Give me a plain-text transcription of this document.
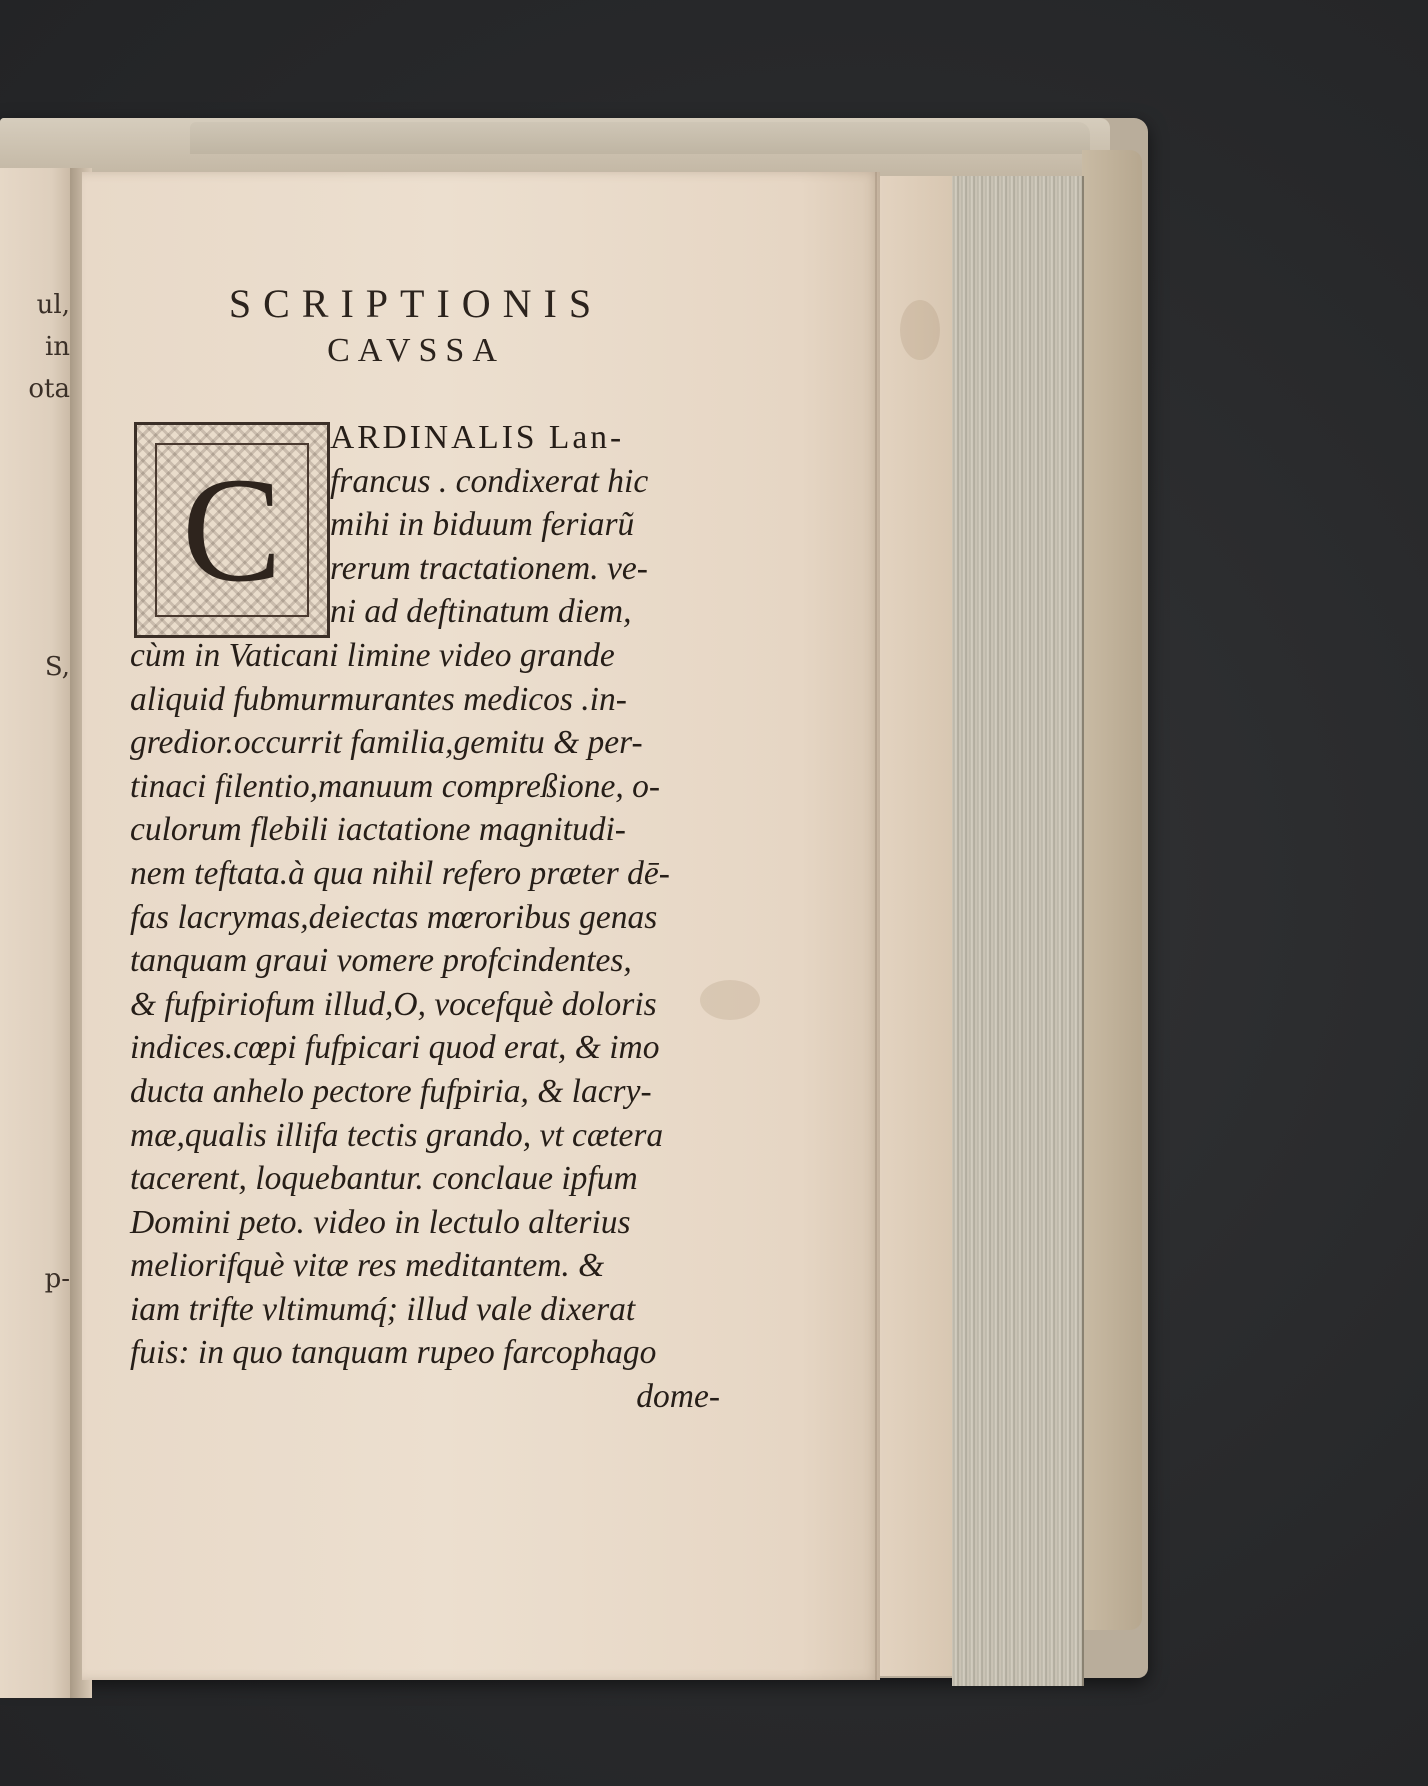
ul,
in
ota
S,
p-
SCRIPTIONIS
CAVSSA
C
ARDINALIS Lan-
francus . condixerat hic
mihi in biduum feriarũ
rerum tractationem. ve-
ni ad deftinatum diem,
cùm in Vaticani limine video grande
aliquid fubmurmurantes medicos .in-
gredior.occurrit familia,gemitu & per-
tinaci filentio,manuum compreßione, o-
culorum flebili iactatione magnitudi-
nem teftata.à qua nihil refero præter dē-
fas lacrymas,deiectas mœroribus genas
tanquam graui vomere profcindentes,
& fufpiriofum illud,O, vocefquè doloris
indices.cœpi fufpicari quod erat, & imo
ducta anhelo pectore fufpiria, & lacry-
mæ,qualis illifa tectis grando, vt cætera
tacerent, loquebantur. conclaue ipfum
Domini peto. video in lectulo alterius
meliorifquè vitæ res meditantem. &
iam trifte vltimumq́; illud vale dixerat
fuis: in quo tanquam rupeo farcophago
dome-
